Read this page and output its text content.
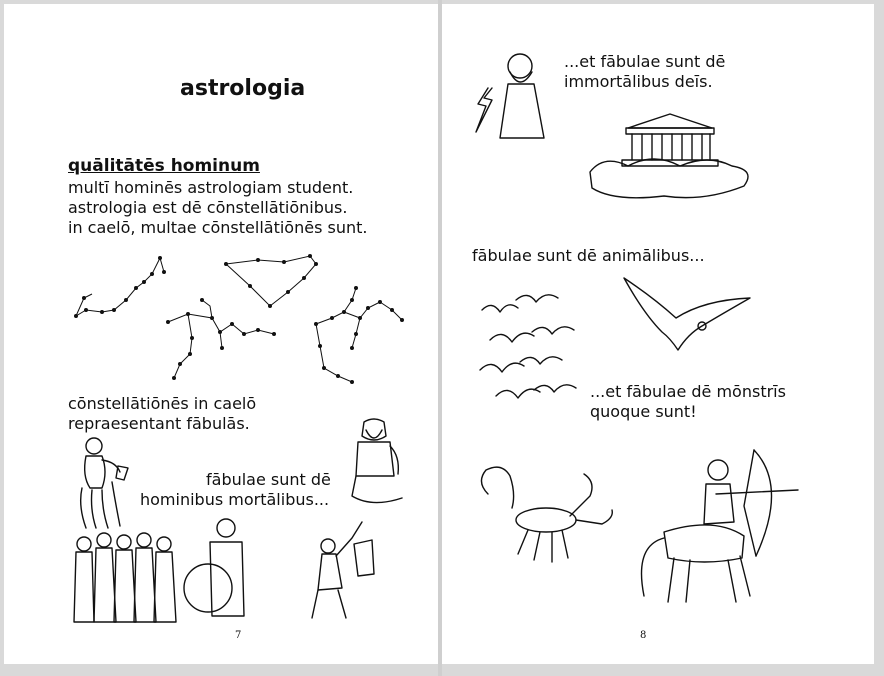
astrologia
quālitātēs hominum
multī hominēs astrologiam student.
astrologia est dē cōnstellātiōnibus.
in caelō, multae cōnstellātiōnēs sunt.
cōnstellātiōnēs in caelō
repraesentant fābulās.
fābulae sunt dē
hominibus mortālibus...
7
...et fābulae sunt dē
immortālibus deīs.
fābulae sunt dē animālibus...
...et fābulae dē mōnstrīs
quoque sunt!
8
